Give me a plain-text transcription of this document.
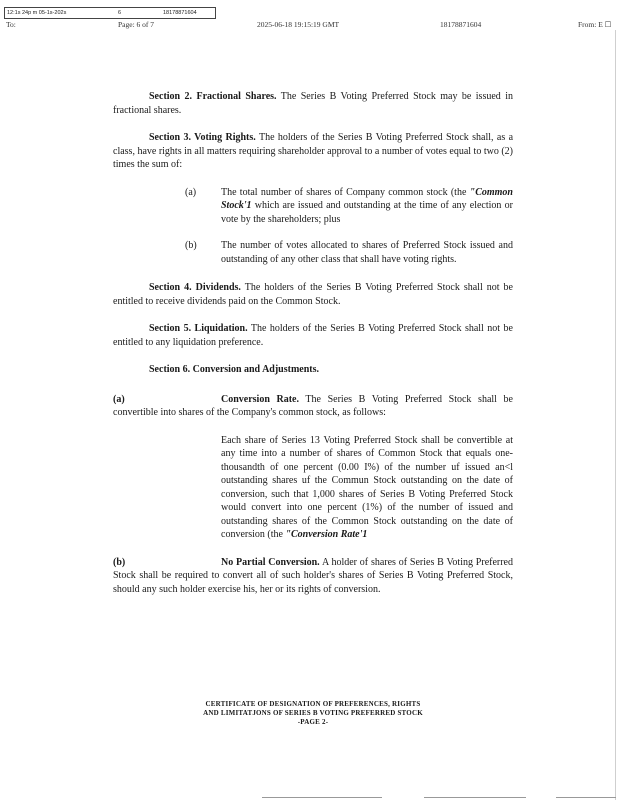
12:1s 24p m 05-1s-202s	6	18178871604
To:	Page: 6 of 7	2025-06-18 19:15:19 GMT	18178871604	From: E ☐

Section 2. Fractional Shares. The Series B Voting Preferred Stock may be issued in fractional shares.

Section 3. Voting Rights. The holders of the Series B Voting Preferred Stock shall, as a class, have rights in all matters requiring shareholder approval to a number of votes equal to two (2) times the sum of:

(a) The total number of shares of Company common stock (the "Common Stock'1 which are issued and outstanding at the time of any election or vote by the shareholders; plus
(b) The number of votes allocated to shares of Preferred Stock issued and outstanding of any other class that shall have voting rights.

Section 4. Dividends. The holders of the Series B Voting Preferred Stock shall not be entitled to receive dividends paid on the Common Stock.

Section 5. Liquidation. The holders of the Series B Voting Preferred Stock shall not be entitled to any liquidation preference.

Section 6. Conversion and Adjustments.

(a)	Conversion Rate. The Series B Voting Preferred Stock shall be convertible into shares of the Company's common stock, as follows:
Each share of Series 13 Voting Preferred Stock shall be convertible at any time into a number of shares of Common Stock that equals one-thousandth of one percent (0.00 I%) of the number uf issued an<l outstanding shares uf the Commun Stock outstanding on the date of conversion, such that 1,000 shares of Series B Voting Preferred Stock would convert into one percent (1%) of the number of issued and outstanding shares of the Common Stock outstanding on the date of conversion (the "Conversion Rate'1
(b)	No Partial Conversion. A holder of shares of Series B Voting Preferred Stock shall be required to convert all of such holder's shares of Series B Voting Preferred Stock, should any such holder exercise his, her or its rights of conversion.
CERTIFICATE OF DESIGNATION OF PREFERENCES, RIGHTS
AND LIMITATJONS OF SERIES B VOTING PREFERRED STOCK
-PAGE 2-
